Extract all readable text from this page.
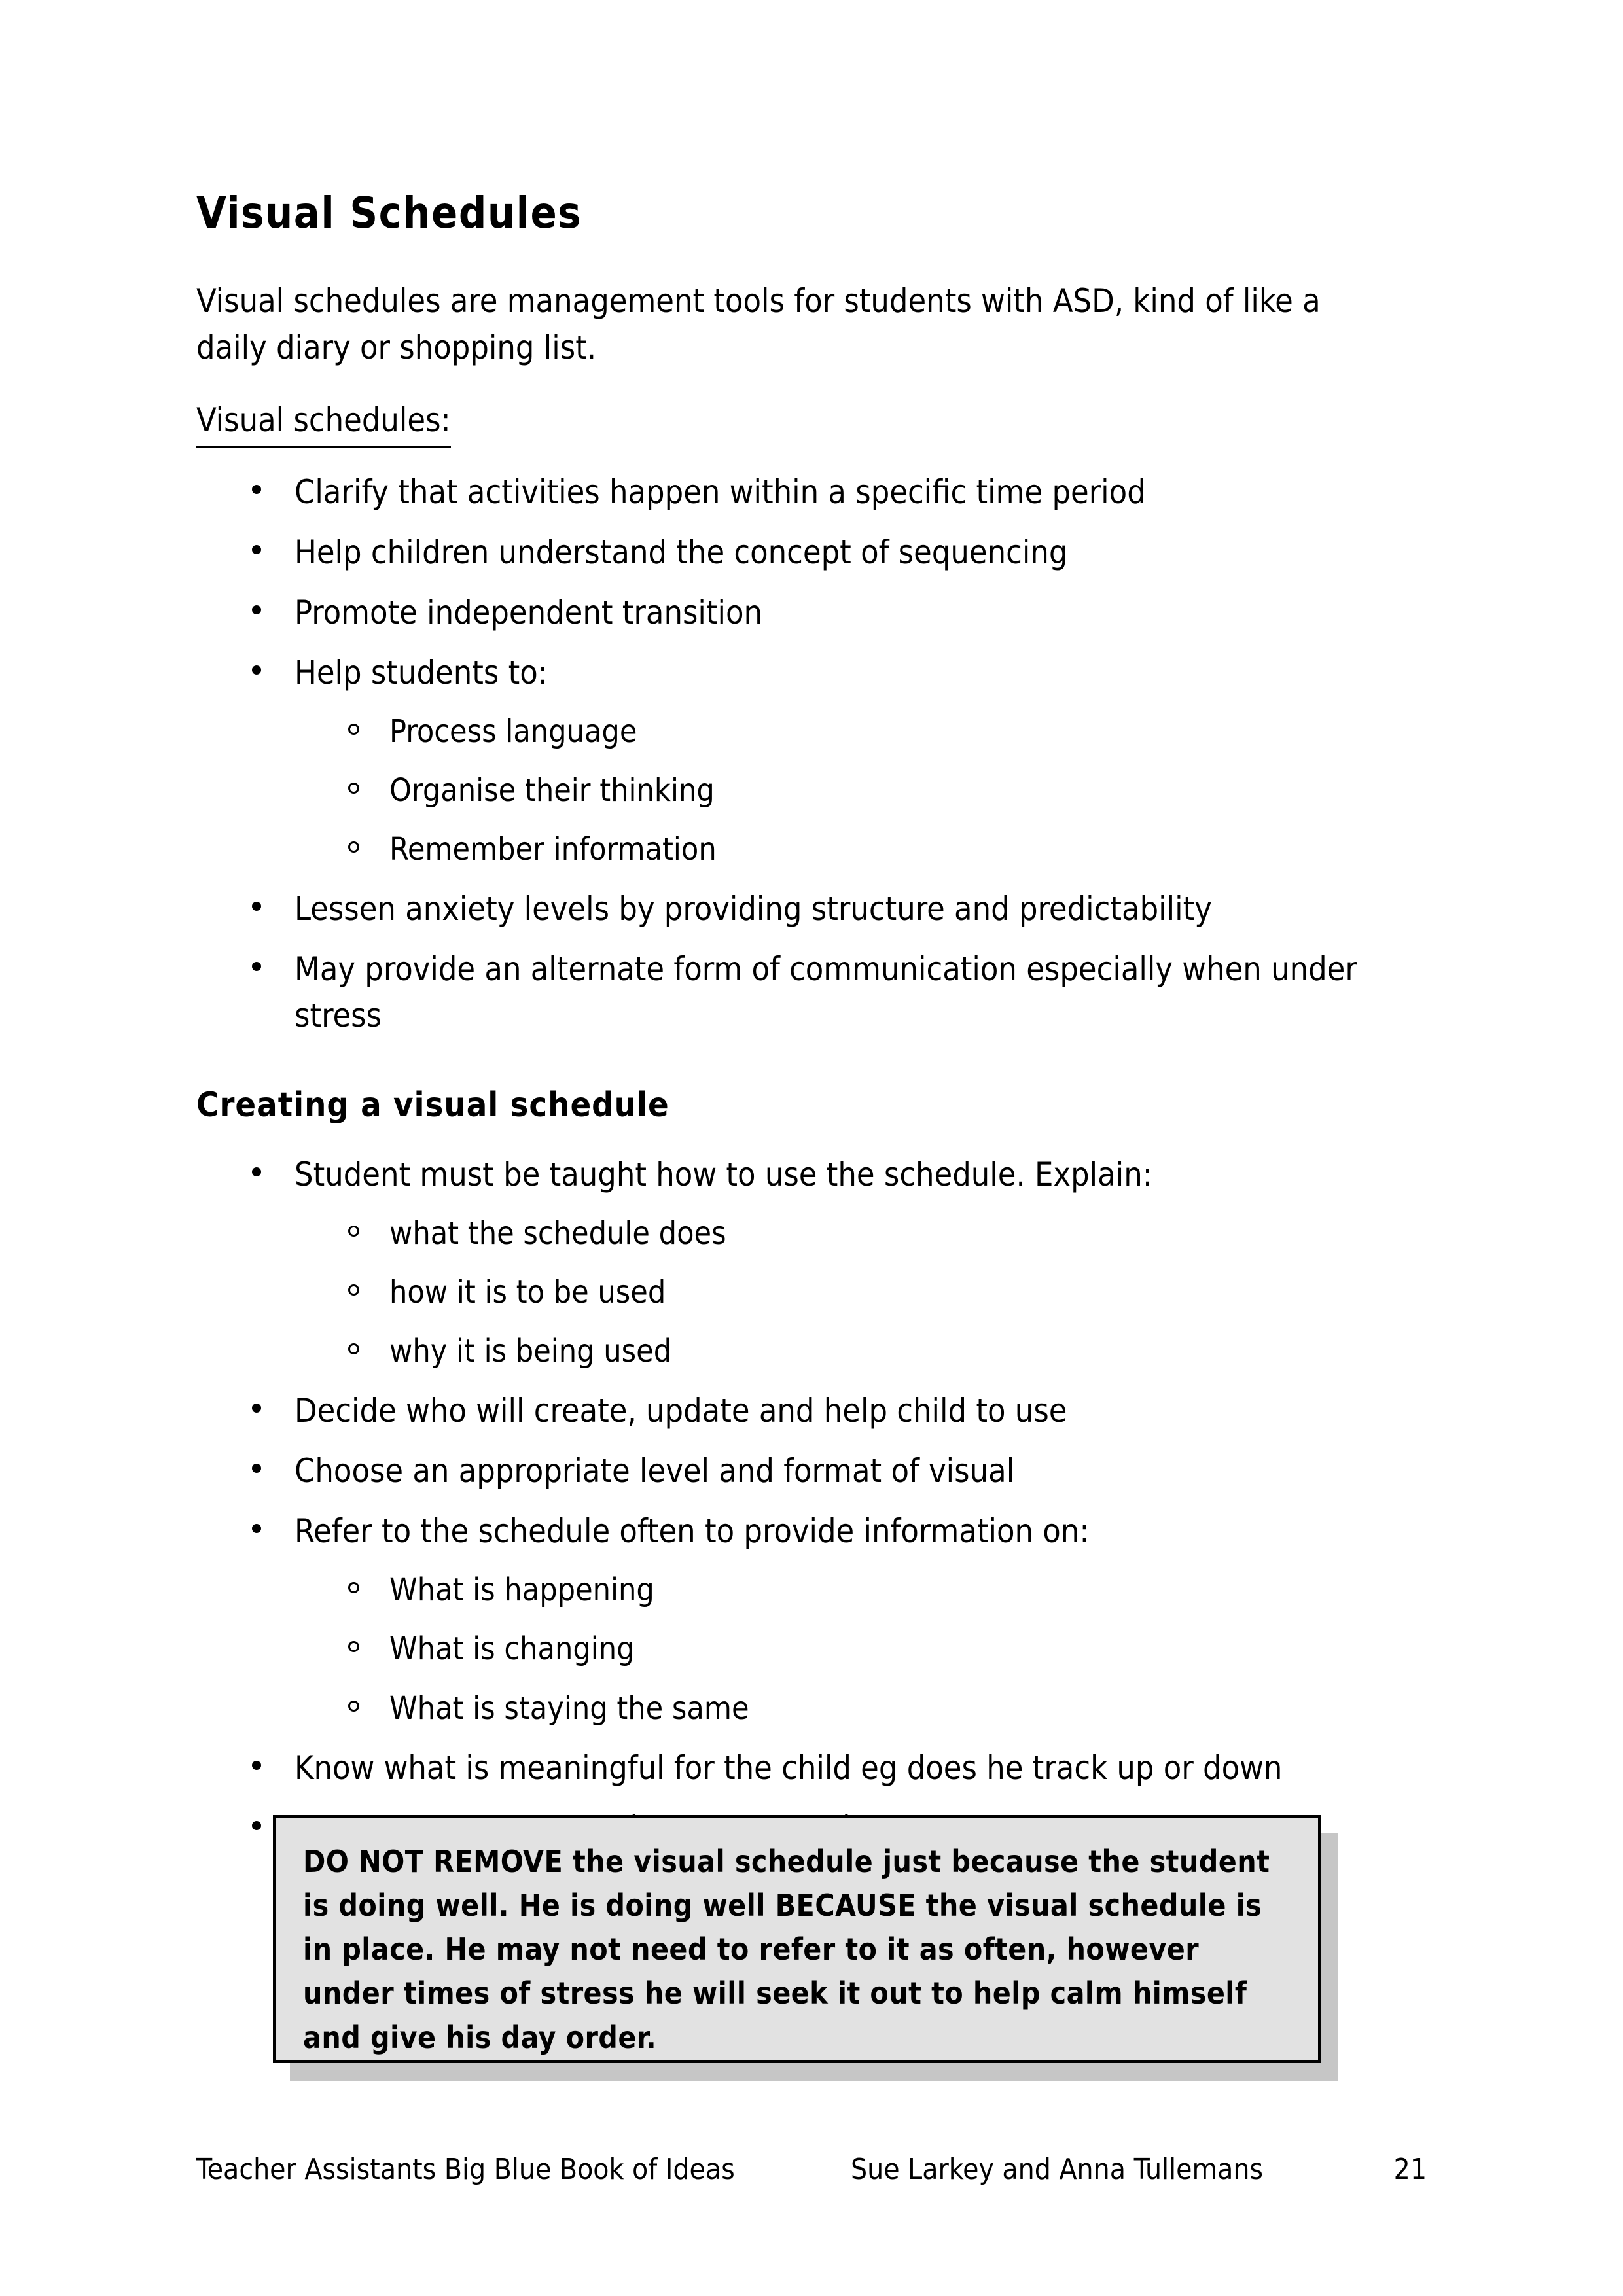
Visual Schedules

Visual schedules are management tools for students with ASD, kind of like a daily diary or shopping list.

Visual schedules:
Clarify that activities happen within a specific time period
Help children understand the concept of sequencing
Promote independent transition
Help students to:
Process language
Organise their thinking
Remember information
Lessen anxiety levels by providing structure and predictability
May provide an alternate form of communication especially when under stress
Creating a visual schedule
Student must be taught how to use the schedule. Explain:
what the schedule does
how it is to be used
why it is being used
Decide who will create, update and help child to use
Choose an appropriate level and format of visual
Refer to the schedule often to provide information on:
What is happening
What is changing
What is staying the same
Know what is meaningful for the child eg does he track up or down

DO NOT REMOVE the visual schedule just because the student is doing well. He is doing well BECAUSE the visual schedule is in place. He may not need to refer to it as often, however under times of stress he will seek it out to help calm himself and give his day order.

Teacher Assistants Big Blue Book of Ideas	Sue Larkey and Anna Tullemans	21
